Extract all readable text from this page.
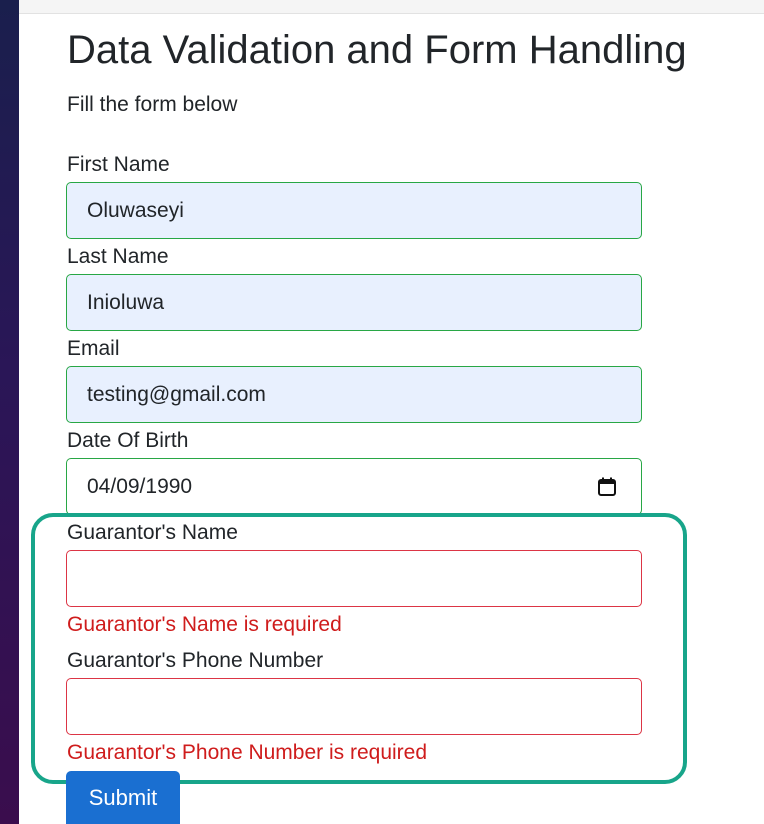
Data Validation and Form Handling
Fill the form below
First Name
Oluwaseyi
Last Name
Inioluwa
Email
testing@gmail.com
Date Of Birth
04/09/1990
Guarantor's Name
Guarantor's Name is required
Guarantor's Phone Number
Guarantor's Phone Number is required
Submit
